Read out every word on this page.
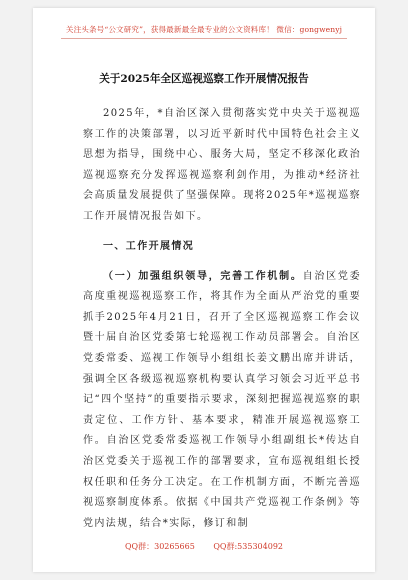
关注头条号“公文研究”，获得最新最全最专业的公文资料库！ 微信：gongwenyj
关于2025年全区巡视巡察工作开展情况报告

2025年，*自治区深入贯彻落实党中央关于巡视巡察工作的决策部署，以习近平新时代中国特色社会主义思想为指导，围绕中心、服务大局，坚定不移深化政治巡视巡察充分发挥巡视巡察利剑作用，为推动*经济社会高质量发展提供了坚强保障。现将2025年*巡视巡察工作开展情况报告如下。

一、工作开展情况

（一）加强组织领导，完善工作机制。自治区党委高度重视巡视巡察工作，将其作为全面从严治党的重要抓手2025年4月21日，召开了全区巡视巡察工作会议暨十届自治区党委第七轮巡视工作动员部署会。自治区党委常委、巡视工作领导小组组长姜文鹏出席并讲话，强调全区各级巡视巡察机构要认真学习领会习近平总书记“四个坚持”的重要指示要求，深刻把握巡视巡察的职责定位、工作方针、基本要求，精准开展巡视巡察工作。自治区党委常委巡视工作领导小组副组长*传达自治区党委关于巡视工作的部署要求，宣布巡视组组长授权任职和任务分工决定。在工作机制方面，不断完善巡视巡察制度体系。依据《中国共产党巡视工作条例》等党内法规，结合*实际，修订和制

QQ群：30265665 QQ群:535304092
